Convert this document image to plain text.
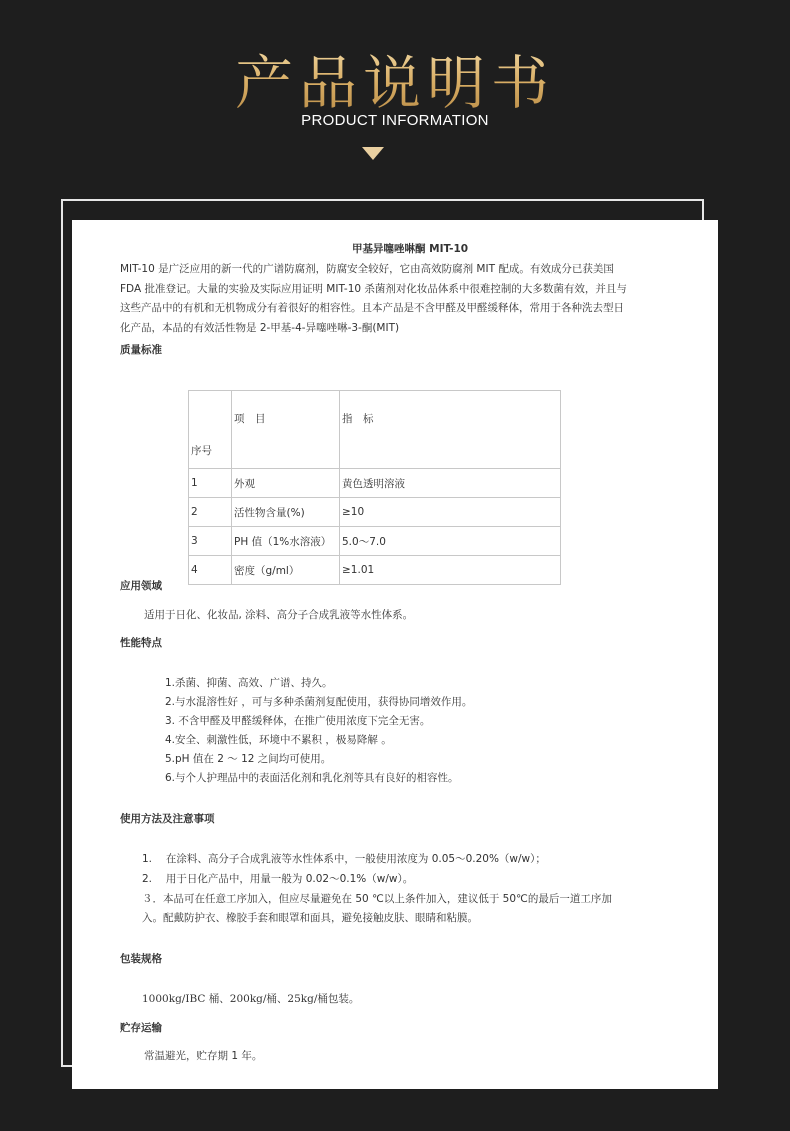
产品说明书
PRODUCT INFORMATION
甲基异噻唑啉酮 MIT-10
MIT-10 是广泛应用的新一代的广谱防腐剂，防腐安全较好，它由高效防腐剂 MIT 配成。有效成分已获美国 FDA 批准登记。大量的实验及实际应用证明 MIT-10 杀菌剂对化妆品体系中很难控制的大多数菌有效，并且与这些产品中的有机和无机物成分有着很好的相容性。且本产品是不含甲醛及甲醛缓释体，常用于各种洗去型日化产品，本品的有效活性物是 2-甲基-4-异噻唑啉-3-酮(MIT)
质量标准
序号	项　目	指　标
1	外观	黄色透明溶液
2	活性物含量(%)	≥10
3	PH 值（1%水溶液）	5.0～7.0
4	密度（g/ml）	≥1.01
应用领域
适用于日化、化妆品, 涂料、高分子合成乳液等水性体系。
性能特点
1.杀菌、抑菌、高效、广谱、持久。
2.与水混溶性好 ，可与多种杀菌剂复配使用，获得协同增效作用。
3. 不含甲醛及甲醛缓释体，在推广使用浓度下完全无害。
4.安全、刺激性低，环境中不累积 ，极易降解 。
5.pH 值在 2 ～ 12 之间均可使用。
6.与个人护理品中的表面活化剂和乳化剂等具有良好的相容性。
使用方法及注意事项
1.　 在涂料、高分子合成乳液等水性体系中，一般使用浓度为 0.05～0.20%（w/w）；
2.　 用于日化产品中，用量一般为 0.02～0.1%（w/w）。
３．本品可在任意工序加入，但应尽量避免在 50 ℃以上条件加入，建议低于 50℃的最后一道工序加
入。配戴防护衣、橡胶手套和眼罩和面具，避免接触皮肤、眼睛和粘膜。
包装规格
1000kg/IBC 桶、200kg/桶、25kg/桶包装。
贮存运输
常温避光，贮存期 1 年。
